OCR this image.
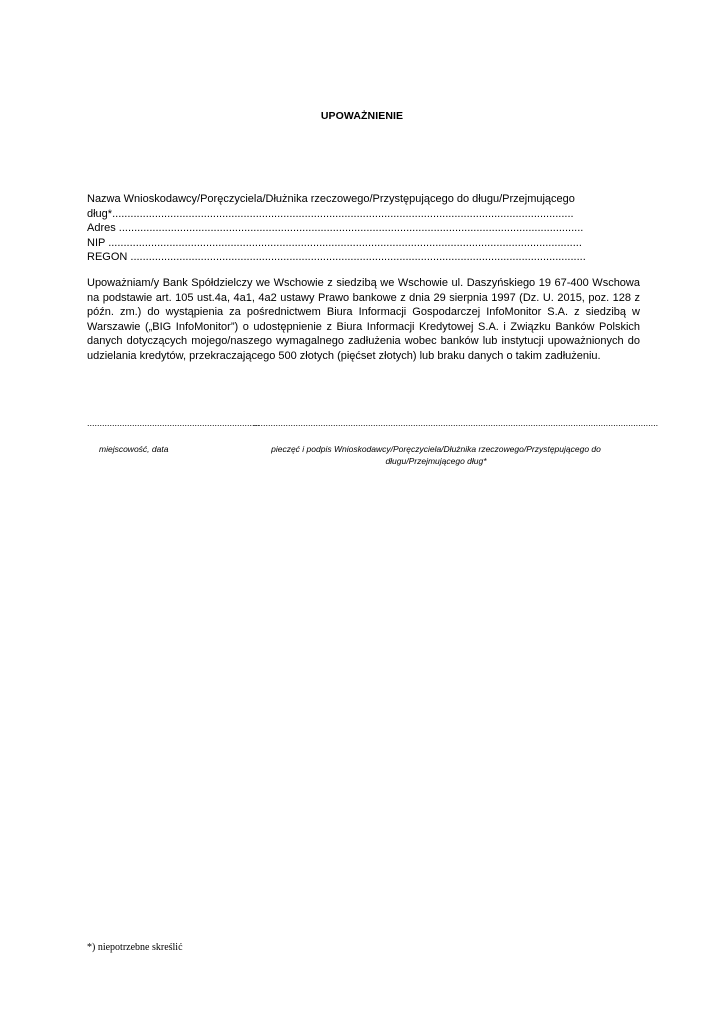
UPOWAŻNIENIE
Nazwa Wnioskodawcy/Poręczyciela/Dłużnika rzeczowego/Przystępującego do długu/Przejmującego
dług*.......................................................................................................................................................
Adres ........................................................................................................................................................
NIP ...........................................................................................................................................................
REGON .....................................................................................................................................................
Upoważniam/y Bank Spółdzielczy we Wschowie z siedzibą we Wschowie ul. Daszyńskiego 19 67-400 Wschowa na podstawie art. 105 ust.4a, 4a1, 4a2 ustawy Prawo bankowe z dnia 29 sierpnia 1997 (Dz. U. 2015, poz. 128 z późn. zm.) do wystąpienia za pośrednictwem Biura Informacji Gospodarczej InfoMonitor S.A. z siedzibą w Warszawie („BIG InfoMonitor”) o udostępnienie z Biura Informacji Kredytowej S.A. i Związku Banków Polskich danych dotyczących mojego/naszego wymagalnego zadłużenia wobec banków lub instytucji upoważnionych do udzielania kredytów, przekraczającego 500 złotych (pięćset złotych) lub braku danych o takim zadłużeniu.
.....................................................................
..................................................................................................................................................................
miejscowość, data	pieczęć i podpis Wnioskodawcy/Poręczyciela/Dłużnika rzeczowego/Przystępującego do długu/Przejmującego dług*
*) niepotrzebne skreślić
